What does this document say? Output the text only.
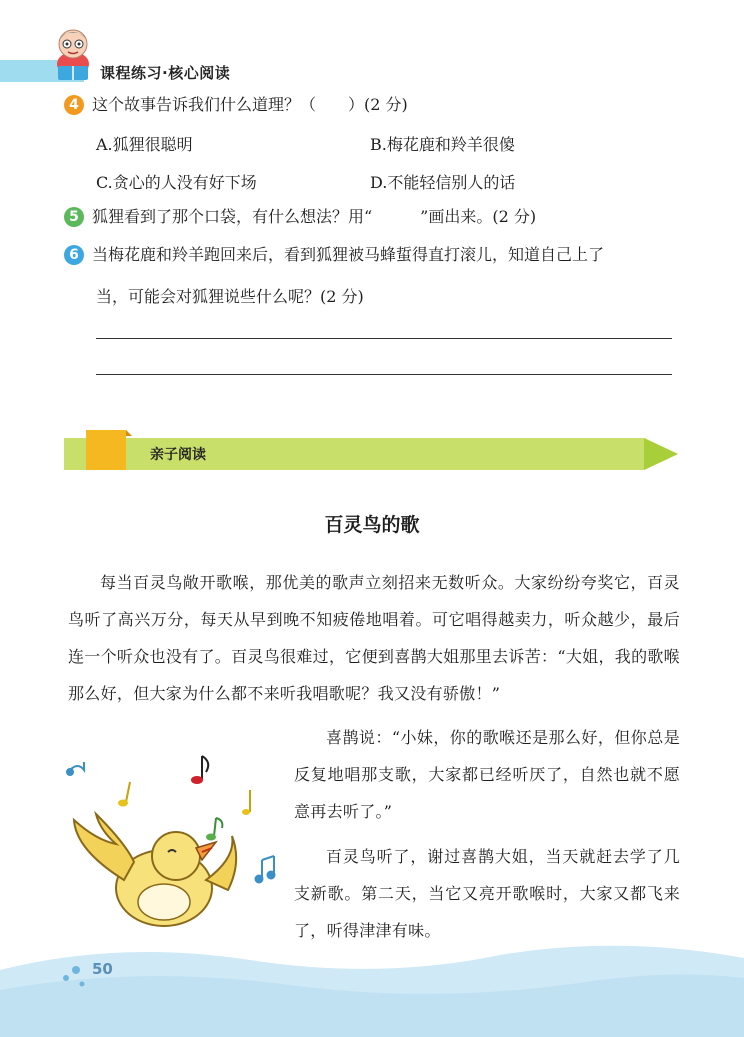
课程练习·核心阅读
4 这个故事告诉我们什么道理？（　　）(2 分)
A.狐狸很聪明	B.梅花鹿和羚羊很傻
C.贪心的人没有好下场	D.不能轻信别人的话
5 狐狸看到了那个口袋，有什么想法？用“　　　”画出来。(2 分)
6 当梅花鹿和羚羊跑回来后，看到狐狸被马蜂蜇得直打滚儿，知道自己上了
当，可能会对狐狸说些什么呢？(2 分)
亲子阅读
百灵鸟的歌
每当百灵鸟敞开歌喉，那优美的歌声立刻招来无数听众。大家纷纷夸奖它，百灵鸟听了高兴万分，每天从早到晚不知疲倦地唱着。可它唱得越卖力，听众越少，最后连一个听众也没有了。百灵鸟很难过，它便到喜鹊大姐那里去诉苦：“大姐，我的歌喉那么好，但大家为什么都不来听我唱歌呢？我又没有骄傲！”
喜鹊说：“小妹，你的歌喉还是那么好，但你总是反复地唱那支歌，大家都已经听厌了，自然也就不愿意再去听了。”
百灵鸟听了，谢过喜鹊大姐，当天就赶去学了几支新歌。第二天，当它又亮开歌喉时，大家又都飞来了，听得津津有味。
50
